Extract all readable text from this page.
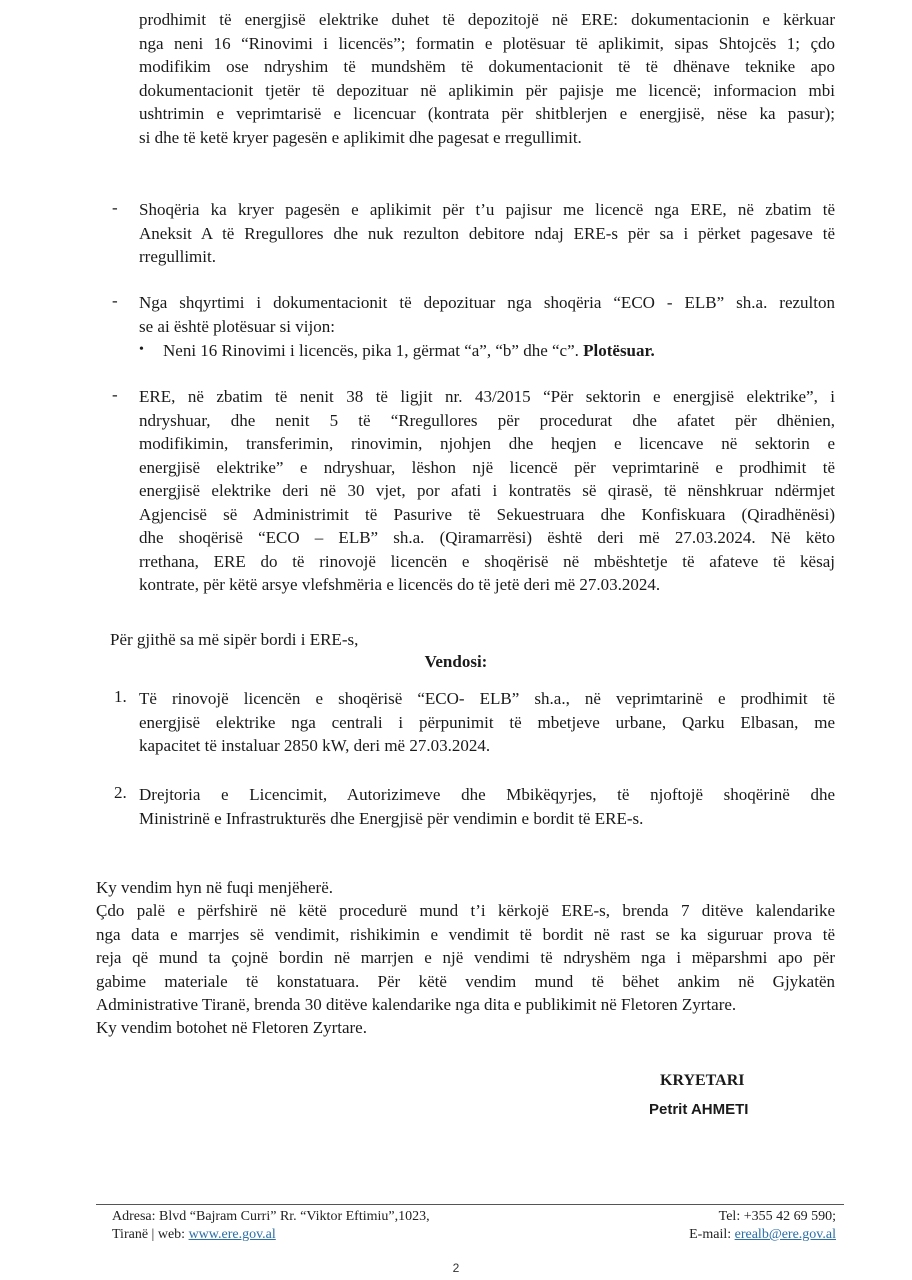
prodhimit të energjisë elektrike duhet të depozitojë në ERE: dokumentacionin e kërkuar
nga neni 16 “Rinovimi i licencës”; formatin e plotësuar të aplikimit, sipas Shtojcës 1; çdo
modifikim ose ndryshim të mundshëm të dokumentacionit të të dhënave teknike apo
dokumentacionit tjetër të depozituar në aplikimin për pajisje me licencë; informacion mbi
ushtrimin e veprimtarisë e licencuar (kontrata për shitblerjen e energjisë, nëse ka pasur);
si dhe të ketë kryer pagesën e aplikimit dhe pagesat e rregullimit.
- Shoqëria ka kryer pagesën e aplikimit për t’u pajisur me licencë nga ERE, në zbatim të
Aneksit A të Rregullores dhe nuk rezulton debitore ndaj ERE-s për sa i përket pagesave të
rregullimit.
- Nga shqyrtimi i dokumentacionit të depozituar nga shoqëria “ECO - ELB” sh.a. rezulton
se ai është plotësuar si vijon:
• Neni 16 Rinovimi i licencës, pika 1, gërmat “a”, “b” dhe “c”. Plotësuar.
- ERE, në zbatim të nenit 38 të ligjit nr. 43/2015 “Për sektorin e energjisë elektrike”, i
ndryshuar, dhe nenit 5 të “Rregullores për procedurat dhe afatet për dhënien,
modifikimin, transferimin, rinovimin, njohjen dhe heqjen e licencave në sektorin e
energjisë elektrike” e ndryshuar, lëshon një licencë për veprimtarinë e prodhimit të
energjisë elektrike deri në 30 vjet, por afati i kontratës së qirasë, të nënshkruar ndërmjet
Agjencisë së Administrimit të Pasurive të Sekuestruara dhe Konfiskuara (Qiradhënësi)
dhe shoqërisë “ECO – ELB” sh.a. (Qiramarrësi) është deri më 27.03.2024. Në këto
rrethana, ERE do të rinovojë licencën e shoqërisë në mbështetje të afateve të kësaj
kontrate, për këtë arsye vlefshmëria e licencës do të jetë deri më 27.03.2024.
Për gjithë sa më sipër bordi i ERE-s,
Vendosi:
1. Të rinovojë licencën e shoqërisë “ECO- ELB” sh.a., në veprimtarinë e prodhimit të
energjisë elektrike nga centrali i përpunimit të mbetjeve urbane, Qarku Elbasan, me
kapacitet të instaluar 2850 kW, deri më 27.03.2024.
2. Drejtoria e Licencimit, Autorizimeve dhe Mbikëqyrjes, të njoftojë shoqërinë dhe
Ministrinë e Infrastrukturës dhe Energjisë për vendimin e bordit të ERE-s.
Ky vendim hyn në fuqi menjëherë.
Çdo palë e përfshirë në këtë procedurë mund t’i kërkojë ERE-s, brenda 7 ditëve kalendarike
nga data e marrjes së vendimit, rishikimin e vendimit të bordit në rast se ka siguruar prova të
reja që mund ta çojnë bordin në marrjen e një vendimi të ndryshëm nga i mëparshmi apo për
gabime materiale të konstatuara. Për këtë vendim mund të bëhet ankim në Gjykatën
Administrative Tiranë, brenda 30 ditëve kalendarike nga dita e publikimit në Fletoren Zyrtare.
Ky vendim botohet në Fletoren Zyrtare.
KRYETARI
Petrit AHMETI
Adresa: Blvd “Bajram Curri” Rr. “Viktor Eftimiu”,1023,
Tiranë | web: www.ere.gov.al
Tel: +355 42 69 590;
E-mail: erealb@ere.gov.al
2
